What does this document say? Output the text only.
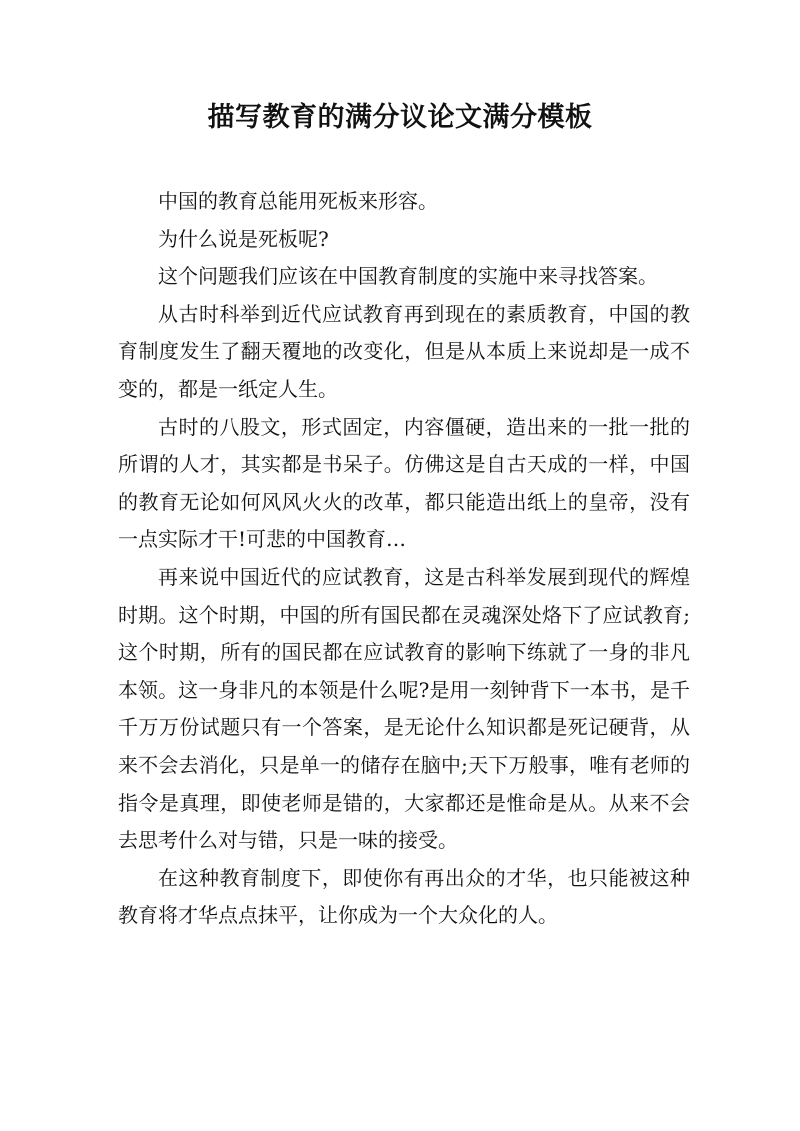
描写教育的满分议论文满分模板

中国的教育总能用死板来形容。

为什么说是死板呢?

这个问题我们应该在中国教育制度的实施中来寻找答案。

从古时科举到近代应试教育再到现在的素质教育，中国的教育制度发生了翻天覆地的改变化，但是从本质上来说却是一成不变的，都是一纸定人生。

古时的八股文，形式固定，内容僵硬，造出来的一批一批的所谓的人才，其实都是书呆子。仿佛这是自古天成的一样，中国的教育无论如何风风火火的改革，都只能造出纸上的皇帝，没有一点实际才干!可悲的中国教育…

再来说中国近代的应试教育，这是古科举发展到现代的辉煌时期。这个时期，中国的所有国民都在灵魂深处烙下了应试教育;这个时期，所有的国民都在应试教育的影响下练就了一身的非凡本领。这一身非凡的本领是什么呢?是用一刻钟背下一本书，是千千万万份试题只有一个答案，是无论什么知识都是死记硬背，从来不会去消化，只是单一的储存在脑中;天下万般事，唯有老师的指令是真理，即使老师是错的，大家都还是惟命是从。从来不会去思考什么对与错，只是一味的接受。

在这种教育制度下，即使你有再出众的才华，也只能被这种教育将才华点点抹平，让你成为一个大众化的人。
